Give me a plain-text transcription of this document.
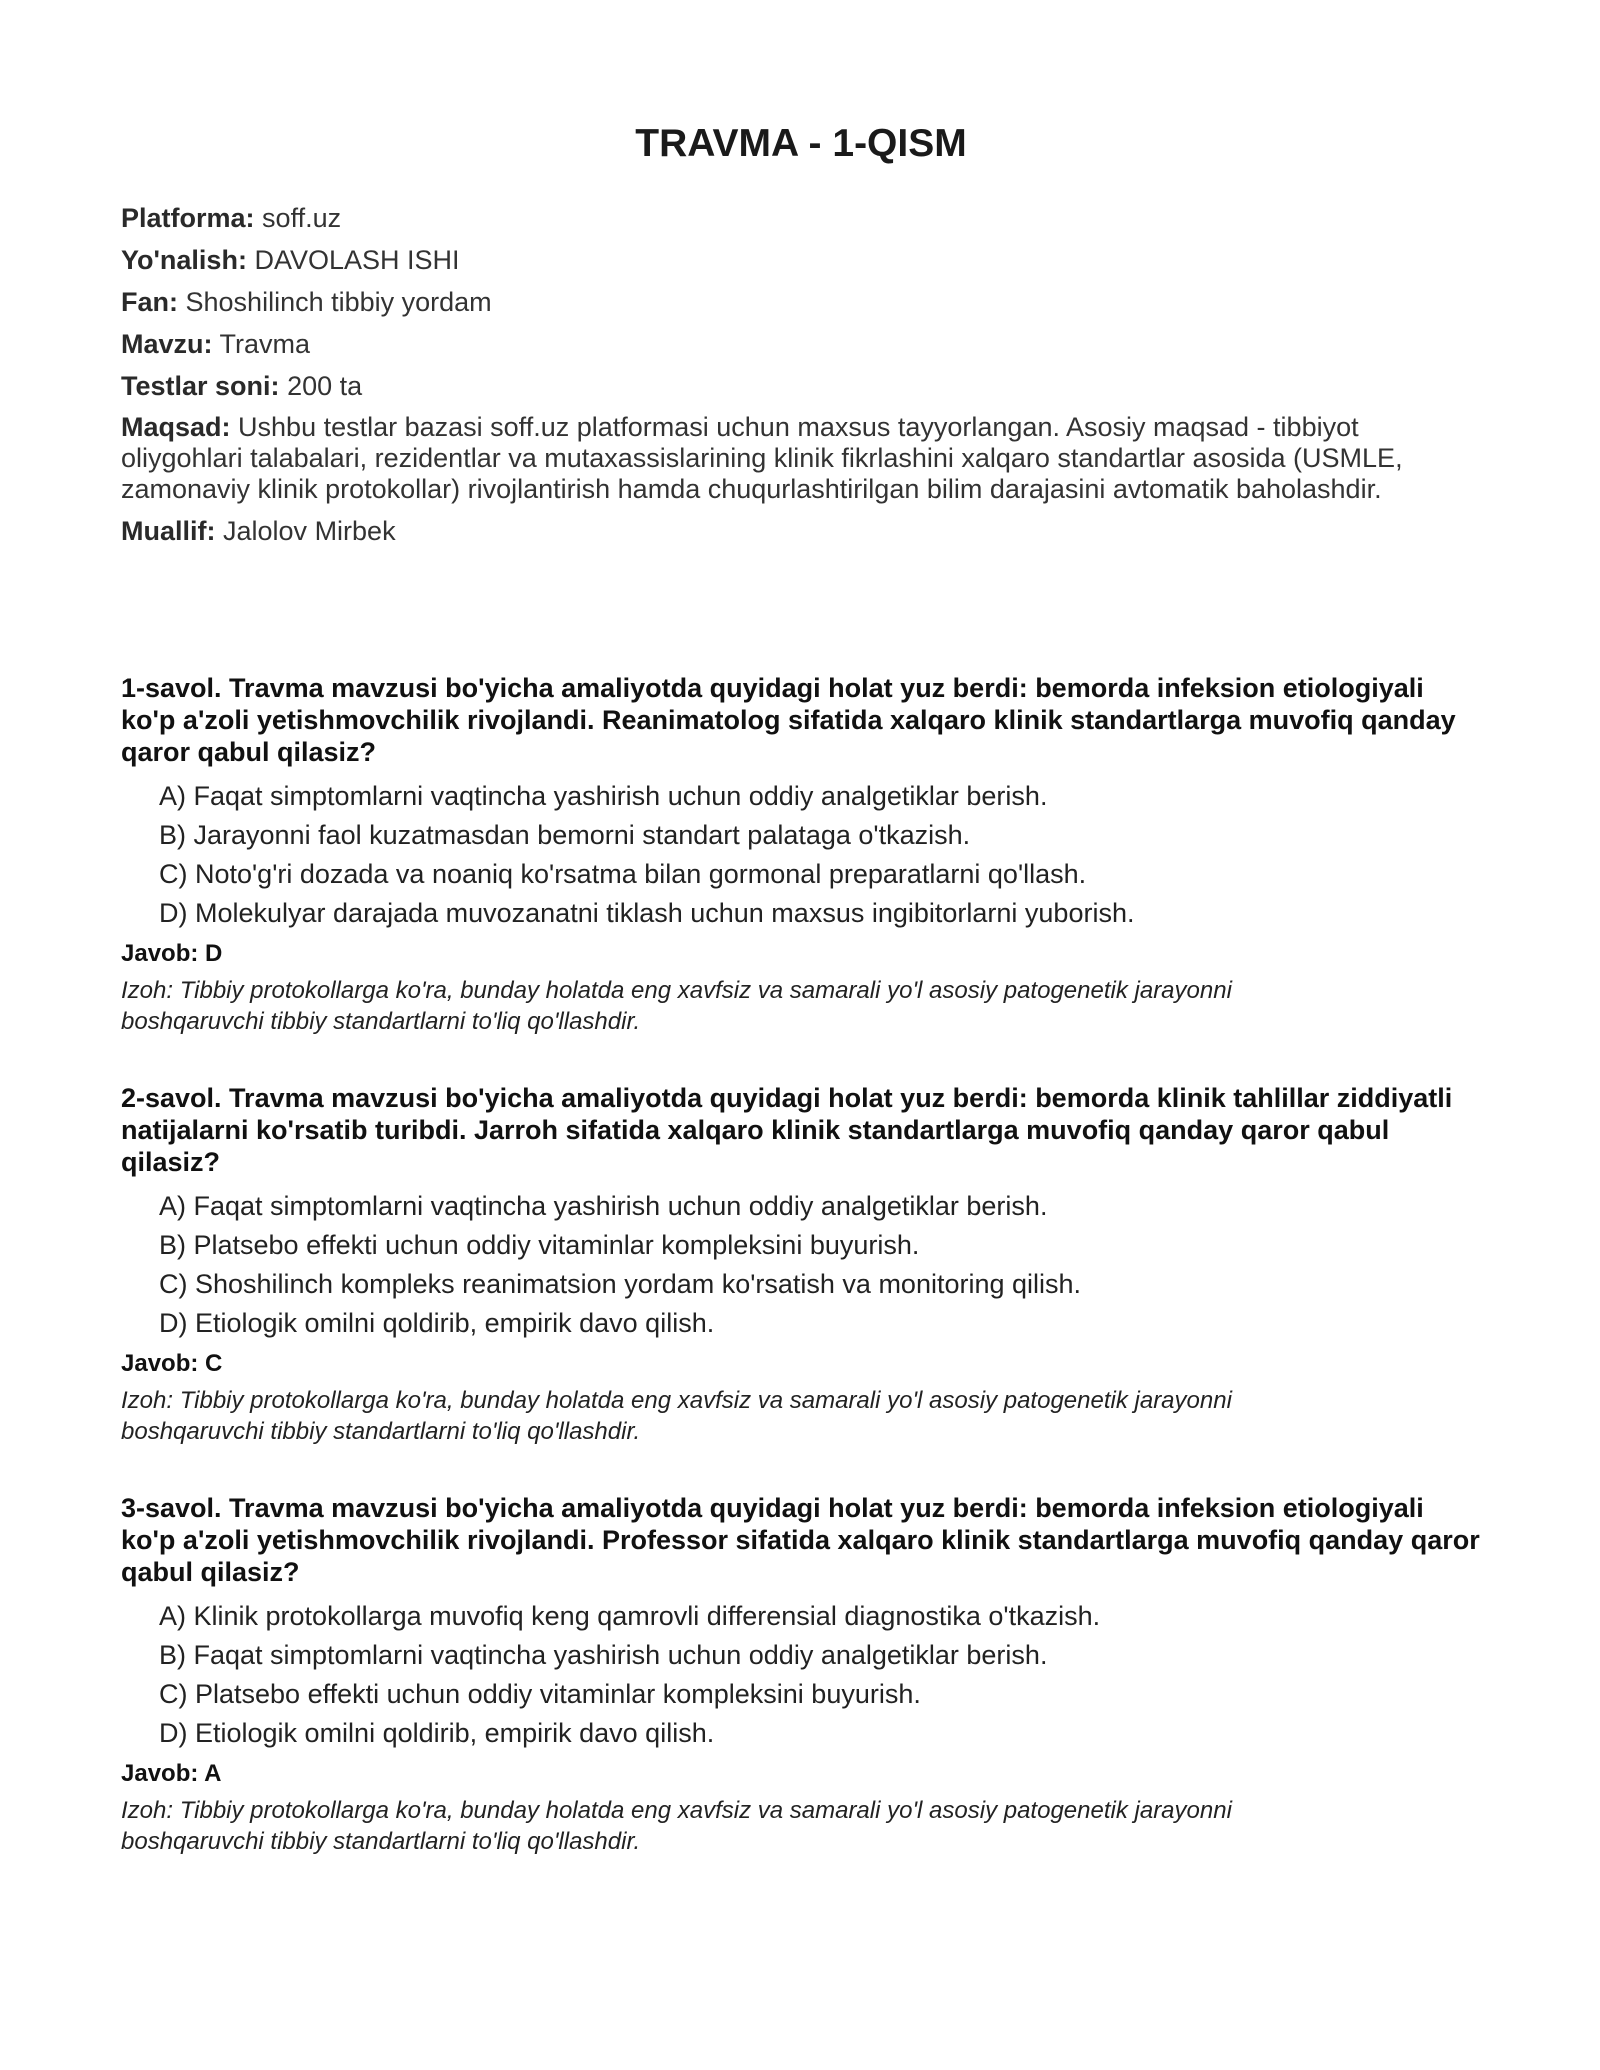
TRAVMA - 1-QISM
Platforma: soff.uz
Yo'nalish: DAVOLASH ISHI
Fan: Shoshilinch tibbiy yordam
Mavzu: Travma
Testlar soni: 200 ta
Maqsad: Ushbu testlar bazasi soff.uz platformasi uchun maxsus tayyorlangan. Asosiy maqsad - tibbiyot oliygohlari talabalari, rezidentlar va mutaxassislarining klinik fikrlashini xalqaro standartlar asosida (USMLE, zamonaviy klinik protokollar) rivojlantirish hamda chuqurlashtirilgan bilim darajasini avtomatik baholashdir.
Muallif: Jalolov Mirbek
1-savol. Travma mavzusi bo'yicha amaliyotda quyidagi holat yuz berdi: bemorda infeksion etiologiyali ko'p a'zoli yetishmovchilik rivojlandi. Reanimatolog sifatida xalqaro klinik standartlarga muvofiq qanday qaror qabul qilasiz?
A) Faqat simptomlarni vaqtincha yashirish uchun oddiy analgetiklar berish.
B) Jarayonni faol kuzatmasdan bemorni standart palataga o'tkazish.
C) Noto'g'ri dozada va noaniq ko'rsatma bilan gormonal preparatlarni qo'llash.
D) Molekulyar darajada muvozanatni tiklash uchun maxsus ingibitorlarni yuborish.
Javob: D
Izoh: Tibbiy protokollarga ko'ra, bunday holatda eng xavfsiz va samarali yo'l asosiy patogenetik jarayonni boshqaruvchi tibbiy standartlarni to'liq qo'llashdir.
2-savol. Travma mavzusi bo'yicha amaliyotda quyidagi holat yuz berdi: bemorda klinik tahlillar ziddiyatli natijalarni ko'rsatib turibdi. Jarroh sifatida xalqaro klinik standartlarga muvofiq qanday qaror qabul qilasiz?
A) Faqat simptomlarni vaqtincha yashirish uchun oddiy analgetiklar berish.
B) Platsebo effekti uchun oddiy vitaminlar kompleksini buyurish.
C) Shoshilinch kompleks reanimatsion yordam ko'rsatish va monitoring qilish.
D) Etiologik omilni qoldirib, empirik davo qilish.
Javob: C
Izoh: Tibbiy protokollarga ko'ra, bunday holatda eng xavfsiz va samarali yo'l asosiy patogenetik jarayonni boshqaruvchi tibbiy standartlarni to'liq qo'llashdir.
3-savol. Travma mavzusi bo'yicha amaliyotda quyidagi holat yuz berdi: bemorda infeksion etiologiyali ko'p a'zoli yetishmovchilik rivojlandi. Professor sifatida xalqaro klinik standartlarga muvofiq qanday qaror qabul qilasiz?
A) Klinik protokollarga muvofiq keng qamrovli differensial diagnostika o'tkazish.
B) Faqat simptomlarni vaqtincha yashirish uchun oddiy analgetiklar berish.
C) Platsebo effekti uchun oddiy vitaminlar kompleksini buyurish.
D) Etiologik omilni qoldirib, empirik davo qilish.
Javob: A
Izoh: Tibbiy protokollarga ko'ra, bunday holatda eng xavfsiz va samarali yo'l asosiy patogenetik jarayonni boshqaruvchi tibbiy standartlarni to'liq qo'llashdir.
